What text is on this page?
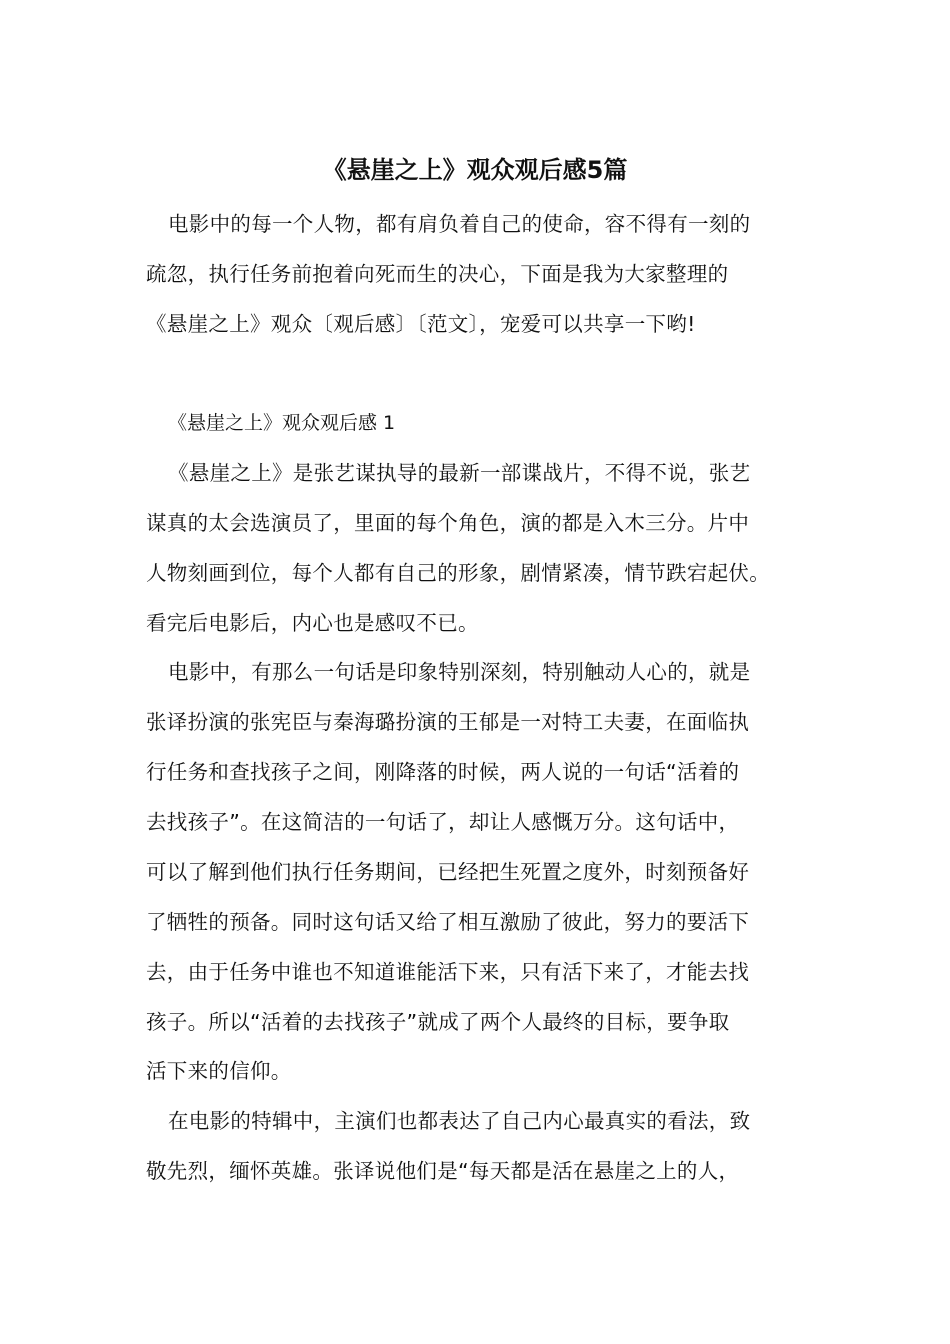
《悬崖之上》观众观后感5篇
电影中的每一个人物，都有肩负着自己的使命，容不得有一刻的
疏忽，执行任务前抱着向死而生的决心，下面是我为大家整理的
《悬崖之上》观众〔观后感〕〔范文〕，宠爱可以共享一下哟!
《悬崖之上》观众观后感 1
《悬崖之上》是张艺谋执导的最新一部谍战片，不得不说，张艺
谋真的太会选演员了，里面的每个角色，演的都是入木三分。片中
人物刻画到位，每个人都有自己的形象，剧情紧凑，情节跌宕起伏。
看完后电影后，内心也是感叹不已。
电影中，有那么一句话是印象特别深刻，特别触动人心的，就是
张译扮演的张宪臣与秦海璐扮演的王郁是一对特工夫妻，在面临执
行任务和查找孩子之间，刚降落的时候，两人说的一句话“活着的
去找孩子”。在这简洁的一句话了，却让人感慨万分。这句话中，
可以了解到他们执行任务期间，已经把生死置之度外，时刻预备好
了牺牲的预备。同时这句话又给了相互激励了彼此，努力的要活下
去，由于任务中谁也不知道谁能活下来，只有活下来了，才能去找
孩子。所以“活着的去找孩子”就成了两个人最终的目标，要争取
活下来的信仰。
在电影的特辑中，主演们也都表达了自己内心最真实的看法，致
敬先烈，缅怀英雄。张译说他们是“每天都是活在悬崖之上的人，
